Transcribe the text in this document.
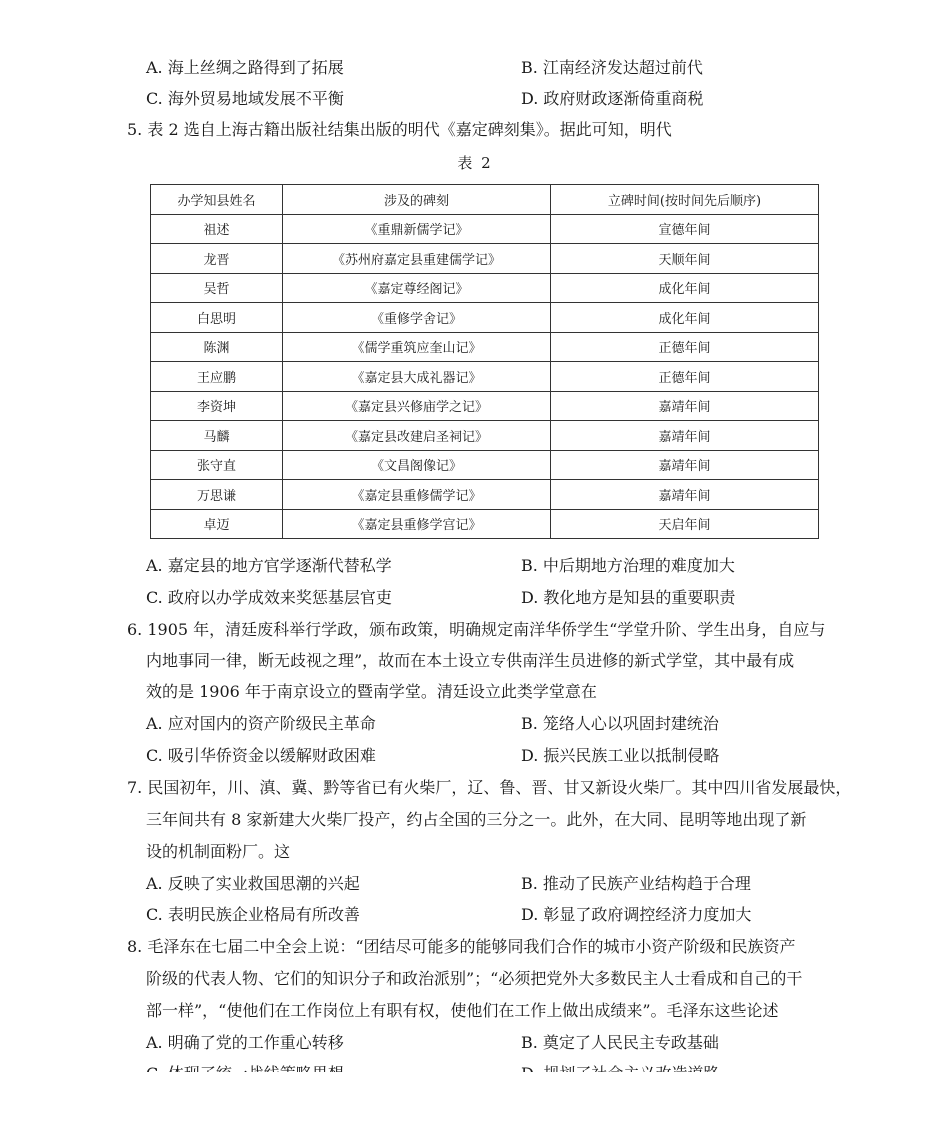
A. 海上丝绸之路得到了拓展	B. 江南经济发达超过前代
C. 海外贸易地域发展不平衡	D. 政府财政逐渐倚重商税
5. 表 2 选自上海古籍出版社结集出版的明代《嘉定碑刻集》。据此可知，明代
表 2
办学知县姓名	涉及的碑刻	立碑时间(按时间先后顺序)
祖述	《重鼎新儒学记》	宣德年间
龙晋	《苏州府嘉定县重建儒学记》	天顺年间
吴哲	《嘉定尊经阁记》	成化年间
白思明	《重修学舍记》	成化年间
陈渊	《儒学重筑应奎山记》	正德年间
王应鹏	《嘉定县大成礼器记》	正德年间
李资坤	《嘉定县兴修庙学之记》	嘉靖年间
马麟	《嘉定县改建启圣祠记》	嘉靖年间
张守直	《文昌阁像记》	嘉靖年间
万思谦	《嘉定县重修儒学记》	嘉靖年间
卓迈	《嘉定县重修学宫记》	天启年间
A. 嘉定县的地方官学逐渐代替私学	B. 中后期地方治理的难度加大
C. 政府以办学成效来奖惩基层官吏	D. 教化地方是知县的重要职责
6. 1905 年，清廷废科举行学政，颁布政策，明确规定南洋华侨学生“学堂升阶、学生出身，自应与
内地事同一律，断无歧视之理”，故而在本土设立专供南洋生员进修的新式学堂，其中最有成
效的是 1906 年于南京设立的暨南学堂。清廷设立此类学堂意在
A. 应对国内的资产阶级民主革命	B. 笼络人心以巩固封建统治
C. 吸引华侨资金以缓解财政困难	D. 振兴民族工业以抵制侵略
7. 民国初年，川、滇、冀、黔等省已有火柴厂，辽、鲁、晋、甘又新设火柴厂。其中四川省发展最快，
三年间共有 8 家新建大火柴厂投产，约占全国的三分之一。此外，在大同、昆明等地出现了新
设的机制面粉厂。这
A. 反映了实业救国思潮的兴起	B. 推动了民族产业结构趋于合理
C. 表明民族企业格局有所改善	D. 彰显了政府调控经济力度加大
8. 毛泽东在七届二中全会上说：“团结尽可能多的能够同我们合作的城市小资产阶级和民族资产
阶级的代表人物、它们的知识分子和政治派别”；“必须把党外大多数民主人士看成和自己的干
部一样”，“使他们在工作岗位上有职有权，使他们在工作上做出成绩来”。毛泽东这些论述
A. 明确了党的工作重心转移	B. 奠定了人民民主专政基础
